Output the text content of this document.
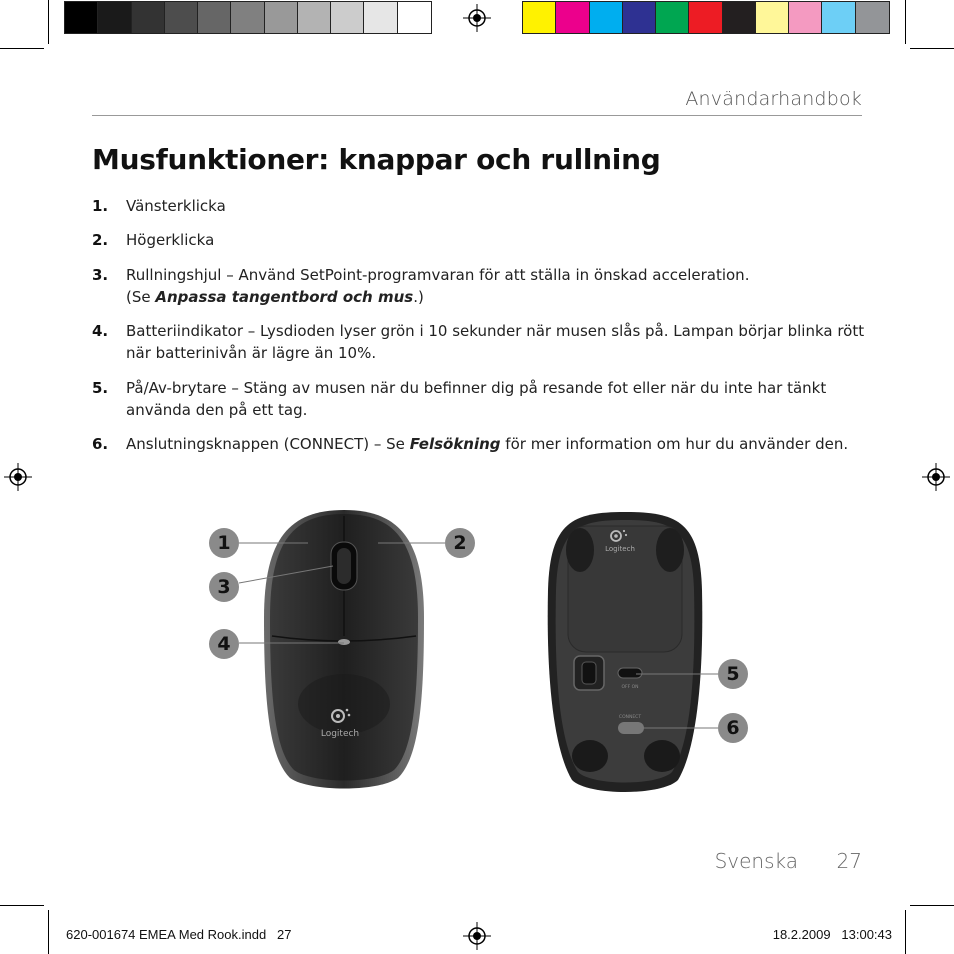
Användarhandbok
Musfunktioner: knappar och rullning
1. Vänsterklicka
2. Högerklicka
3. Rullningshjul – Använd SetPoint-programvaran för att ställa in önskad acceleration.
(Se Anpassa tangentbord och mus.)
4. Batteriindikator – Lysdioden lyser grön i 10 sekunder när musen slås på. Lampan börjar blinka rött när batterinivån är lägre än 10%.
5. På/Av-brytare – Stäng av musen när du befinner dig på resande fot eller när du inte har tänkt använda den på ett tag.
6. Anslutningsknappen (CONNECT) – Se Felsökning för mer information om hur du använder den.
Logitech
Logitech
OFF ON
CONNECT
1	2
3
4
5
6
Svenska 27
620-001674 EMEA Med Rook.indd   27	18.2.2009   13:00:43
